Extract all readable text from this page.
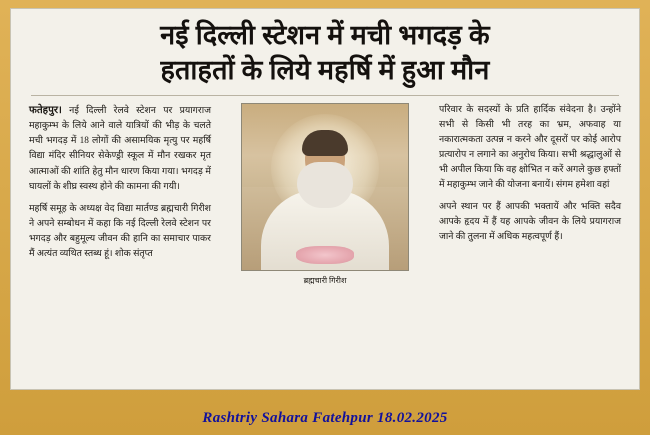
नई दिल्ली स्टेशन में मची भगदड़ के
हताहतों के लिये महर्षि में हुआ मौन

फतेहपुर। नई दिल्ली रेलवे स्टेशन पर प्रयागराज महाकुम्भ के लिये आने वाले यात्रियों की भीड़ के चलते मची भगदड़ में 18 लोगों की असामयिक मृत्यु पर महर्षि विद्या मंदिर सीनियर सेकेण्ड्री स्कूल में मौन रखकर मृत आत्माओं की शांति हेतु मौन धारण किया गया। भगदड़ में घायलों के शीघ्र स्वस्थ होने की कामना की गयी।

महर्षि समूह के अध्यक्ष वेद विद्या मार्तण्ड ब्रह्मचारी गिरीश ने अपने सम्बोधन में कहा कि नई दिल्ली रेलवे स्टेशन पर भगदड़ और बहुमूल्य जीवन की हानि का समाचार पाकर मैं अत्यंत व्यथित स्तब्ध हूं। शोक संतृप्त

ब्रह्मचारी गिरीश

परिवार के सदस्यों के प्रति हार्दिक संवेदना है। उन्होंने सभी से किसी भी तरह का भ्रम, अफवाह या नकारात्मकता उत्पन्न न करने और दूसरों पर कोई आरोप प्रत्यारोप न लगाने का अनुरोध किया। सभी श्रद्धालुओं से भी अपील किया कि वह क्षोभित न करें अगले कुछ हफ्तों में महाकुम्भ जाने की योजना बनायें। संगम हमेशा वहां

अपने स्थान पर हैं आपकी भक्तायें और भक्ति सदैव आपके हृदय में हैं यह आपके जीवन के लिये प्रयागराज जाने की तुलना में अधिक महत्वपूर्ण हैं।

Rashtriy Sahara Fatehpur 18.02.2025
